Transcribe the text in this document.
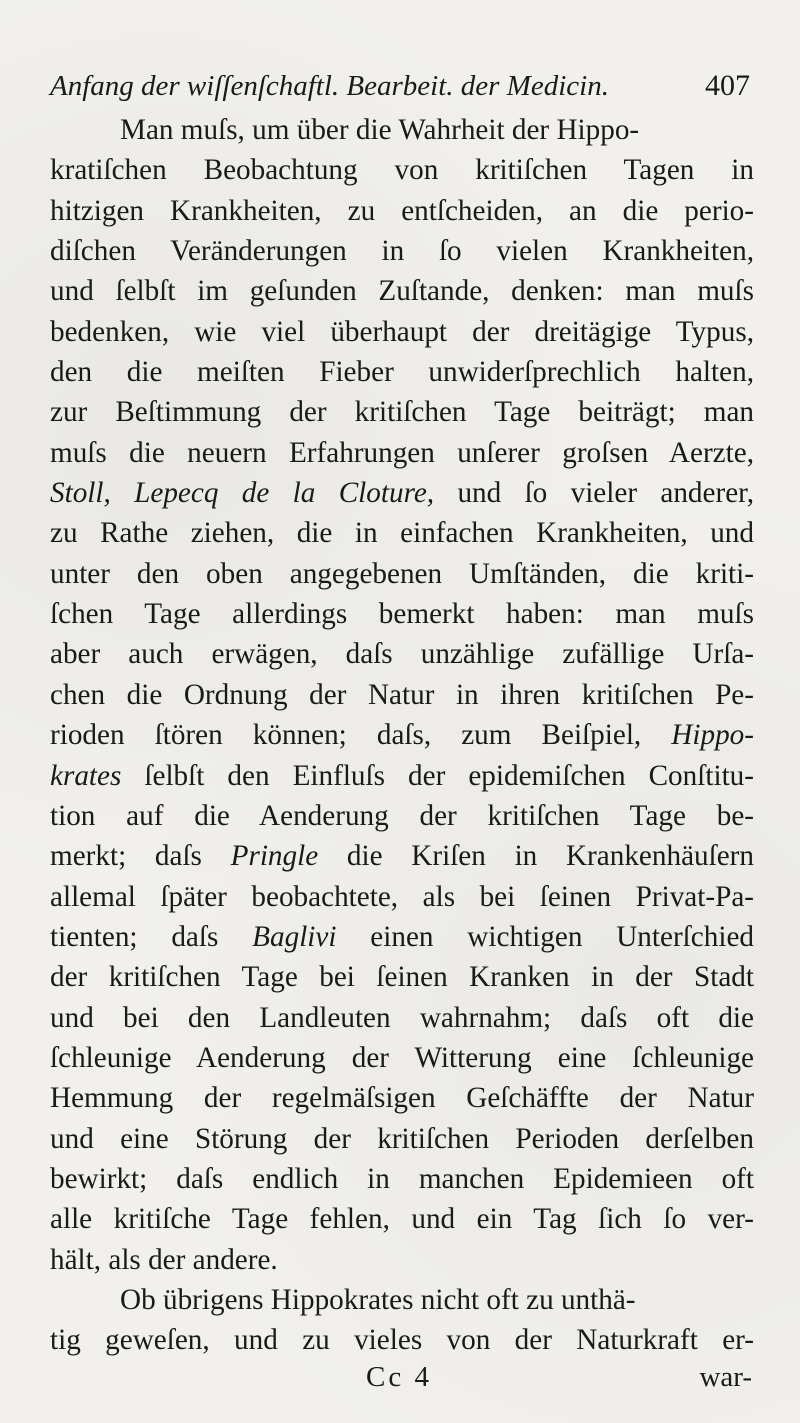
Anfang der wiſſenſchaftl. Bearbeit. der Medicin.	407
Man muſs, um über die Wahrheit der Hippo-
kratiſchen Beobachtung von kritiſchen Tagen in
hitzigen Krankheiten, zu entſcheiden, an die perio-
diſchen Veränderungen in ſo vielen Krankheiten,
und ſelbſt im geſunden Zuſtande, denken: man muſs
bedenken, wie viel überhaupt der dreitägige Typus,
den die meiſten Fieber unwiderſprechlich halten,
zur Beſtimmung der kritiſchen Tage beiträgt; man
muſs die neuern Erfahrungen unſerer groſsen Aerzte,
Stoll, Lepecq de la Cloture, und ſo vieler anderer,
zu Rathe ziehen, die in einfachen Krankheiten, und
unter den oben angegebenen Umſtänden, die kriti-
ſchen Tage allerdings bemerkt haben: man muſs
aber auch erwägen, daſs unzählige zufällige Urſa-
chen die Ordnung der Natur in ihren kritiſchen Pe-
rioden ſtören können; daſs, zum Beiſpiel, Hippo-
krates ſelbſt den Einfluſs der epidemiſchen Conſtitu-
tion auf die Aenderung der kritiſchen Tage be-
merkt; daſs Pringle die Kriſen in Krankenhäuſern
allemal ſpäter beobachtete, als bei ſeinen Privat-Pa-
tienten; daſs Baglivi einen wichtigen Unterſchied
der kritiſchen Tage bei ſeinen Kranken in der Stadt
und bei den Landleuten wahrnahm; daſs oft die
ſchleunige Aenderung der Witterung eine ſchleunige
Hemmung der regelmäſsigen Geſchäffte der Natur
und eine Störung der kritiſchen Perioden derſelben
bewirkt; daſs endlich in manchen Epidemieen oft
alle kritiſche Tage fehlen, und ein Tag ſich ſo ver-
hält, als der andere.
Ob übrigens Hippokrates nicht oft zu unthä-
tig geweſen, und zu vieles von der Naturkraft er-
Cc 4	war-
